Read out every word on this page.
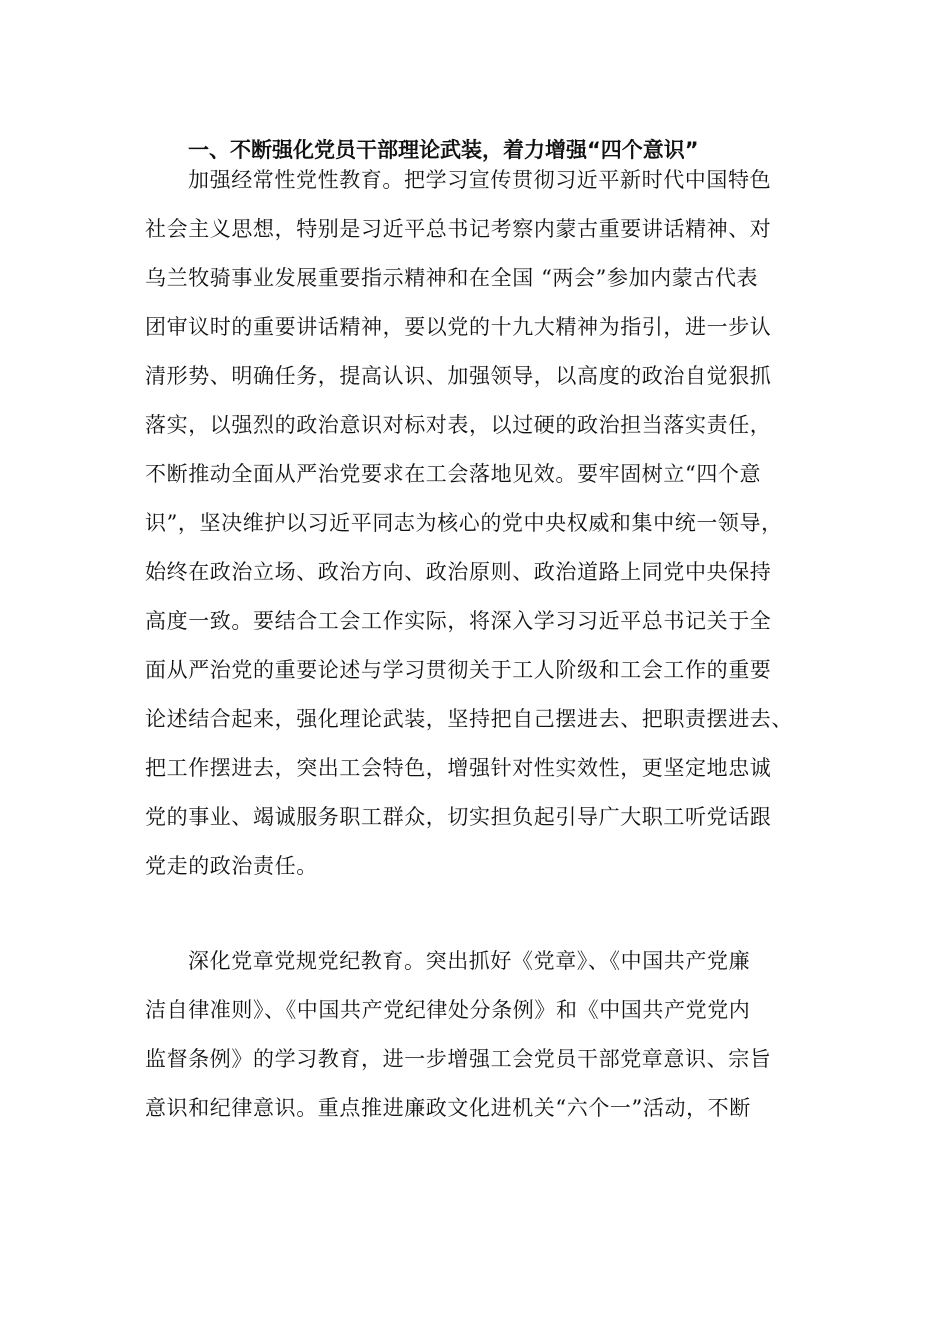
一、不断强化党员干部理论武装，着力增强“四个意识”

加强经常性党性教育。把学习宣传贯彻习近平新时代中国特色

社会主义思想，特别是习近平总书记考察内蒙古重要讲话精神、对

乌兰牧骑事业发展重要指示精神和在全国 “两会”参加内蒙古代表

团审议时的重要讲话精神，要以党的十九大精神为指引，进一步认

清形势、明确任务，提高认识、加强领导，以高度的政治自觉狠抓

落实，以强烈的政治意识对标对表，以过硬的政治担当落实责任，

不断推动全面从严治党要求在工会落地见效。要牢固树立“四个意

识”，坚决维护以习近平同志为核心的党中央权威和集中统一领导，

始终在政治立场、政治方向、政治原则、政治道路上同党中央保持

高度一致。要结合工会工作实际，将深入学习习近平总书记关于全

面从严治党的重要论述与学习贯彻关于工人阶级和工会工作的重要

论述结合起来，强化理论武装，坚持把自己摆进去、把职责摆进去、

把工作摆进去，突出工会特色，增强针对性实效性，更坚定地忠诚

党的事业、竭诚服务职工群众，切实担负起引导广大职工听党话跟

党走的政治责任。

深化党章党规党纪教育。突出抓好《党章》、《中国共产党廉

洁自律准则》、《中国共产党纪律处分条例》和《中国共产党党内

监督条例》的学习教育，进一步增强工会党员干部党章意识、宗旨

意识和纪律意识。重点推进廉政文化进机关“六个一”活动，不断
